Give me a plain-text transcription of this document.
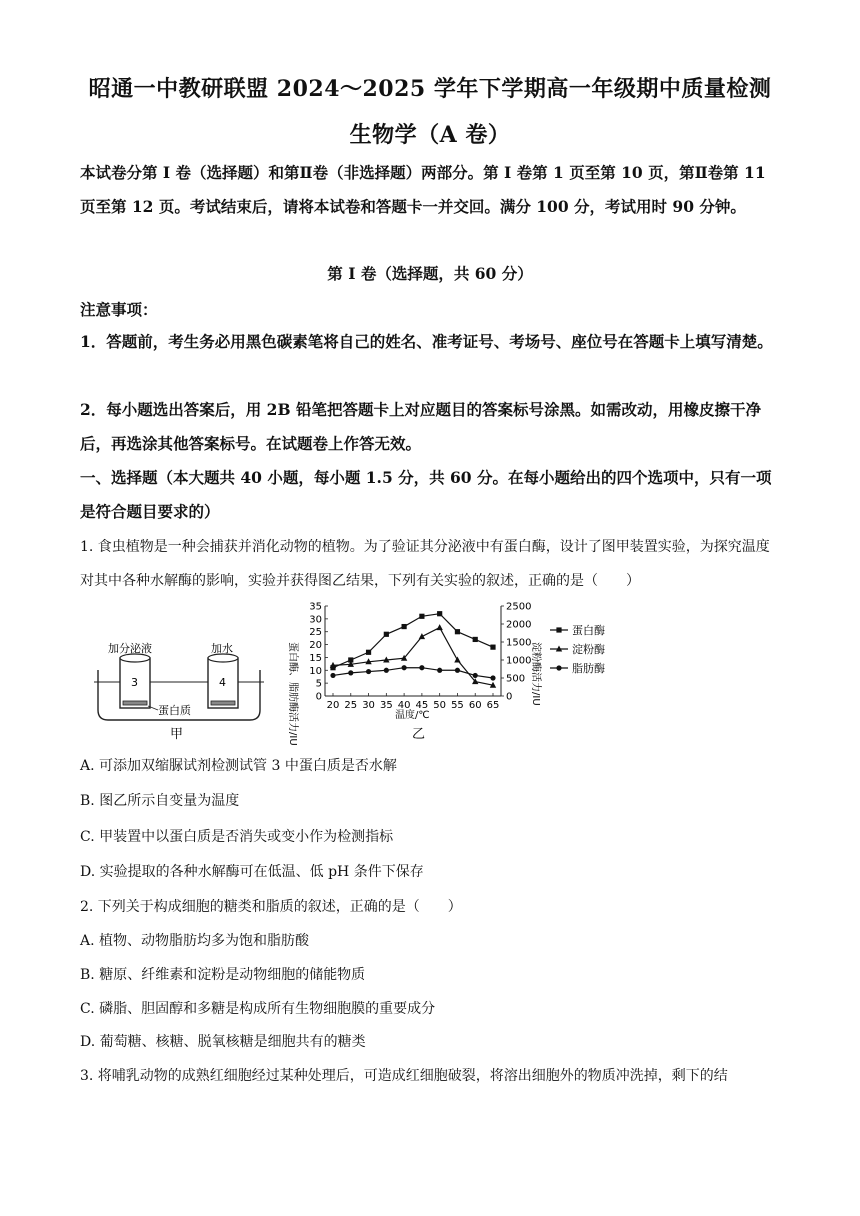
昭通一中教研联盟 2024～2025 学年下学期高一年级期中质量检测
生物学（A 卷）
本试卷分第 I 卷（选择题）和第Ⅱ卷（非选择题）两部分。第 I 卷第 1 页至第 10 页，第Ⅱ卷第 11 页至第 12 页。考试结束后，请将本试卷和答题卡一并交回。满分 100 分，考试用时 90 分钟。
第 I 卷（选择题，共 60 分）
注意事项：
1．答题前，考生务必用黑色碳素笔将自己的姓名、准考证号、考场号、座位号在答题卡上填写清楚。
2．每小题选出答案后，用 2B 铅笔把答题卡上对应题目的答案标号涂黑。如需改动，用橡皮擦干净后，再选涂其他答案标号。在试题卷上作答无效。
一、选择题（本大题共 40 小题，每小题 1.5 分，共 60 分。在每小题给出的四个选项中，只有一项是符合题目要求的）
1. 食虫植物是一种会捕获并消化动物的植物。为了验证其分泌液中有蛋白酶，设计了图甲装置实验，为探究温度对其中各种水解酶的影响，实验并获得图乙结果，下列有关实验的叙述，正确的是（　　）
加分泌液	加水
3	4
蛋白质
甲	蛋白酶、脂肪酶活力/IU	淀粉酶活力/IU
温度/℃
乙
0
5
10
15
20
25
30
35
0
500
1000
1500
2000
2500
20 25 30 35 40 45 50 55 60 65
蛋白酶
淀粉酶
脂肪酶
A. 可添加双缩脲试剂检测试管 3 中蛋白质是否水解
B. 图乙所示自变量为温度
C. 甲装置中以蛋白质是否消失或变小作为检测指标
D. 实验提取的各种水解酶可在低温、低 pH 条件下保存
2. 下列关于构成细胞的糖类和脂质的叙述，正确的是（　　）
A. 植物、动物脂肪均多为饱和脂肪酸
B. 糖原、纤维素和淀粉是动物细胞的储能物质
C. 磷脂、胆固醇和多糖是构成所有生物细胞膜的重要成分
D. 葡萄糖、核糖、脱氧核糖是细胞共有的糖类
3. 将哺乳动物的成熟红细胞经过某种处理后，可造成红细胞破裂，将溶出细胞外的物质冲洗掉，剩下的结
